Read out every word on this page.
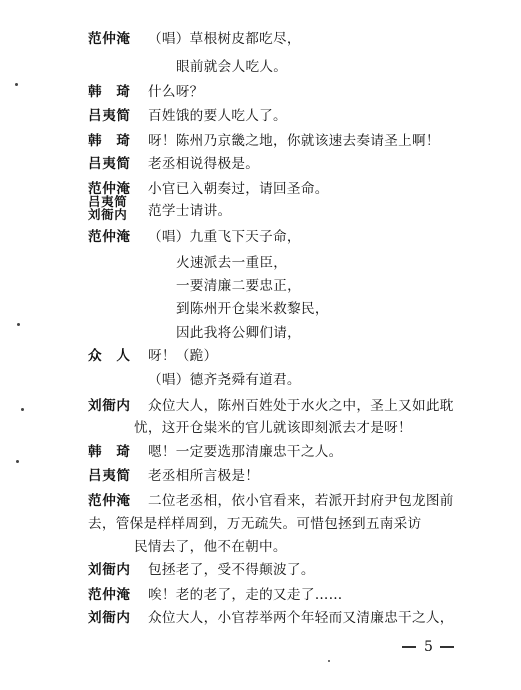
范仲淹 （唱）草根树皮都吃尽，
眼前就会人吃人。
韩　琦 什么呀？
吕夷简 百姓饿的要人吃人了。
韩　琦 呀！陈州乃京畿之地，你就该速去奏请圣上啊！
吕夷简 老丞相说得极是。
范仲淹 小官已入朝奏过，请回圣命。
吕夷简
刘衙内 范学士请讲。
范仲淹 （唱）九重飞下天子命，
火速派去一重臣，
一要清廉二要忠正，
到陈州开仓粜米救黎民，
因此我将公卿们请，
众　人 呀！（跪）
（唱）德齐尧舜有道君。
刘衙内 众位大人，陈州百姓处于水火之中，圣上又如此耽
忧，这开仓粜米的官儿就该即刻派去才是呀！
韩　琦 嗯！一定要选那清廉忠干之人。
吕夷简 老丞相所言极是！
范仲淹 二位老丞相，依小官看来，若派开封府尹包龙图前
去，管保是样样周到，万无疏失。可惜包拯到五南采访
民情去了，他不在朝中。
刘衙内 包拯老了，受不得颠波了。
范仲淹 唉！老的老了，走的又走了……
刘衙内 众位大人，小官荐举两个年轻而又清廉忠干之人，
5
